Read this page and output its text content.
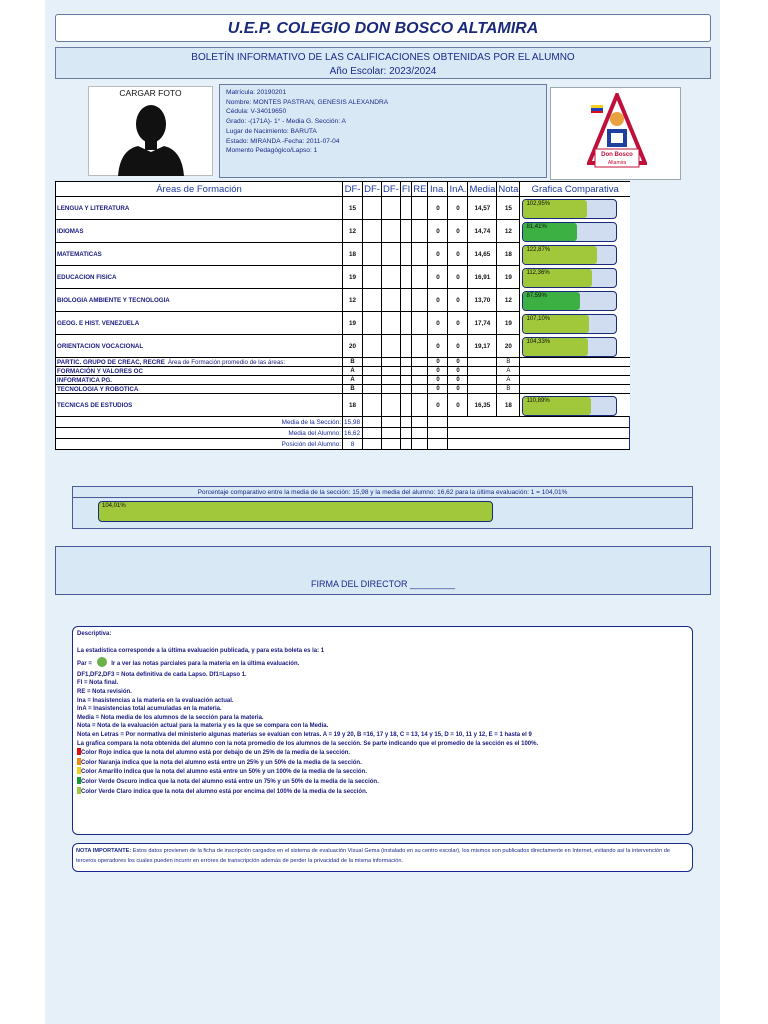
U.E.P. COLEGIO DON BOSCO ALTAMIRA
BOLETÍN INFORMATIVO DE LAS CALIFICACIONES OBTENIDAS POR EL ALUMNO
Año Escolar: 2023/2024
CARGAR FOTO	Matrícula: 20190201
Nombre: MONTES PASTRAN, GENESIS ALEXANDRA
Cédula: V-34019650
Grado: -(171A)- 1° - Media G. Sección: A
Lugar de Nacimiento: BARUTA
Estado: MIRANDA -Fecha: 2011-07-04
Momento Pedagógico/Lapso: 1
Don Bosco
Altamira
Áreas de Formación	DF-	DF-	DF-	FI	RE	Ina.	InA.	Media	Nota	Grafica Comparativa
LENGUA Y LITERATURA	15					0	0	14,57	15	102,95%

IDIOMAS	12					0	0	14,74	12	81,41%

MATEMATICAS	18					0	0	14,65	18	122,87%

EDUCACION FISICA	19					0	0	16,91	19	112,36%

BIOLOGIA AMBIENTE Y TECNOLOGIA	12					0	0	13,70	12	87,59%

GEOG. E HIST. VENEZUELA	19					0	0	17,74	19	107,10%

ORIENTACION VOCACIONAL	20					0	0	19,17	20	104,33%

PARTIC. GRUPO DE CREAC, RECRE Área de Formación promedio de las áreas:	B					0	0		B	
FORMACIÓN Y VALORES OC	A					0	0		A	
INFORMATICA PG.	A					0	0		A	
TECNOLOGIA Y ROBOTICA	B					0	0		B	
TECNICAS DE ESTUDIOS	18					0	0	16,35	18	110,89%

Media de la Sección:	15,98									
Media del Alumno:	16,62									
Posición del Alumno:	8									
Porcentaje comparativo entre la media de la sección: 15,98 y la media del alumno: 16,62 para la última evaluación: 1 = 104,01%
104,01%
FIRMA DEL DIRECTOR _________
Descriptiva:
La estadística corresponde a la última evaluación publicada, y para esta boleta es la: 1
Par =	Ir a ver las notas parciales para la materia en la última evaluación.
DF1,DF2,DF3 = Nota definitiva de cada Lapso. Df1=Lapso 1.
FI = Nota final.
RE = Nota revisión.
Ina = Inasistencias a la materia en la evaluación actual.
InA = Inasistencias total acumuladas en la materia.
Media = Nota media de los alumnos de la sección para la materia.
Nota = Nota de la evaluación actual para la materia y es la que se compara con la Media.
Nota en Letras = Por normativa del ministerio algunas materias se evalúan con letras. A = 19 y 20, B =16, 17 y 18, C = 13, 14 y 15, D = 10, 11 y 12, E = 1 hasta el 9
La grafica compara la nota obtenida del alumno con la nota promedio de los alumnos de la sección. Se parte indicando que el promedio de la sección es el 100%.
Color Rojo indica que la nota del alumno está por debajo de un 25% de la media de la sección.
Color Naranja indica que la nota del alumno está entre un 25% y un 50% de la media de la sección.
Color Amarillo indica que la nota del alumno está entre un 50% y un 100% de la media de la sección.
Color Verde Oscuro indica que la nota del alumno está entre un 75% y un 50% de la media de la sección.
Color Verde Claro indica que la nota del alumno está por encima del 100% de la media de la sección.
NOTA IMPORTANTE: Estos datos provienen de la ficha de inscripción cargados en el sistema de evaluación Visual Gema (instalado en su centro escolar), los mismos son publicados directamente en Internet, evitando así la intervención de terceros operadores los cuales pueden incurrir en errores de transcripción además de perder la privacidad de la misma información.
